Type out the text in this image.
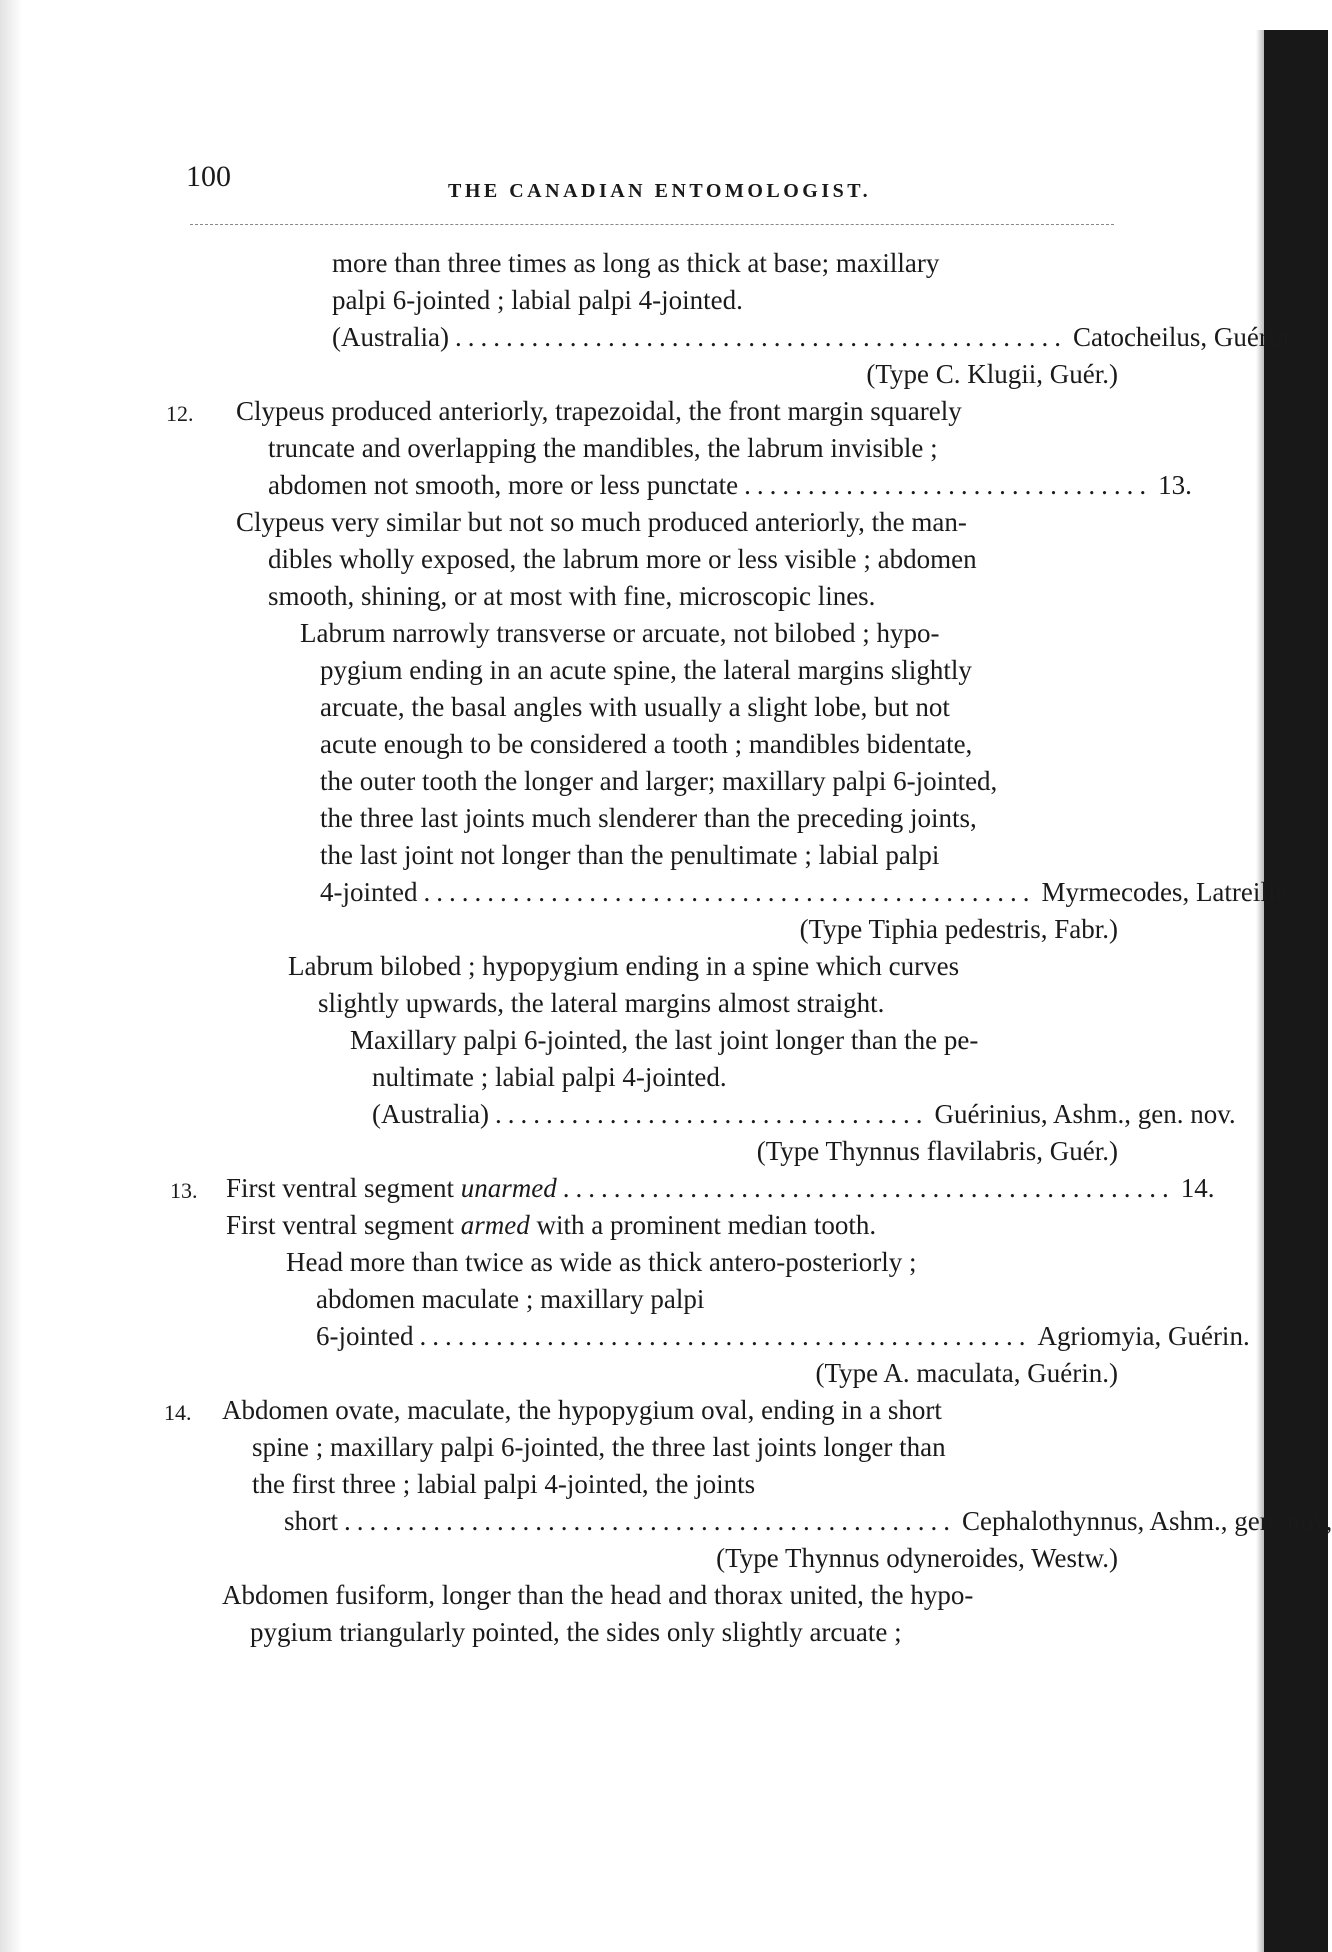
100	THE CANADIAN ENTOMOLOGIST.
more than three times as long as thick at base; maxillary
palpi 6-jointed ; labial palpi 4-jointed.
(Australia) ................................................ Catocheilus, Guérin.
(Type C. Klugii, Guér.)
12. Clypeus produced anteriorly, trapezoidal, the front margin squarely
truncate and overlapping the mandibles, the labrum invisible ;
abdomen not smooth, more or less punctate ................................ 13.
Clypeus very similar but not so much produced anteriorly, the man-
dibles wholly exposed, the labrum more or less visible ; abdomen
smooth, shining, or at most with fine, microscopic lines.
Labrum narrowly transverse or arcuate, not bilobed ; hypo-
pygium ending in an acute spine, the lateral margins slightly
arcuate, the basal angles with usually a slight lobe, but not
acute enough to be considered a tooth ; mandibles bidentate,
the outer tooth the longer and larger; maxillary palpi 6-jointed,
the three last joints much slenderer than the preceding joints,
the last joint not longer than the penultimate ; labial palpi
4-jointed ................................................ Myrmecodes, Latreille.
(Type Tiphia pedestris, Fabr.)
Labrum bilobed ; hypopygium ending in a spine which curves
slightly upwards, the lateral margins almost straight.
Maxillary palpi 6-jointed, the last joint longer than the pe-
nultimate ; labial palpi 4-jointed.
(Australia) .................................. Guérinius, Ashm., gen. nov.
(Type Thynnus flavilabris, Guér.)
13. First ventral segment
unarmed ................................................ 14.
First ventral segment armed with a prominent median tooth.
Head more than twice as wide as thick antero-posteriorly ;
abdomen maculate ; maxillary palpi
6-jointed ................................................ Agriomyia, Guérin.
(Type A. maculata, Guérin.)
14. Abdomen ovate, maculate, the hypopygium oval, ending in a short
spine ; maxillary palpi 6-jointed, the three last joints longer than
the first three ; labial palpi 4-jointed, the joints
short ................................................ Cephalothynnus, Ashm., gen. nov,
(Type Thynnus odyneroides, Westw.)
Abdomen fusiform, longer than the head and thorax united, the hypo-
pygium triangularly pointed, the sides only slightly arcuate ;
